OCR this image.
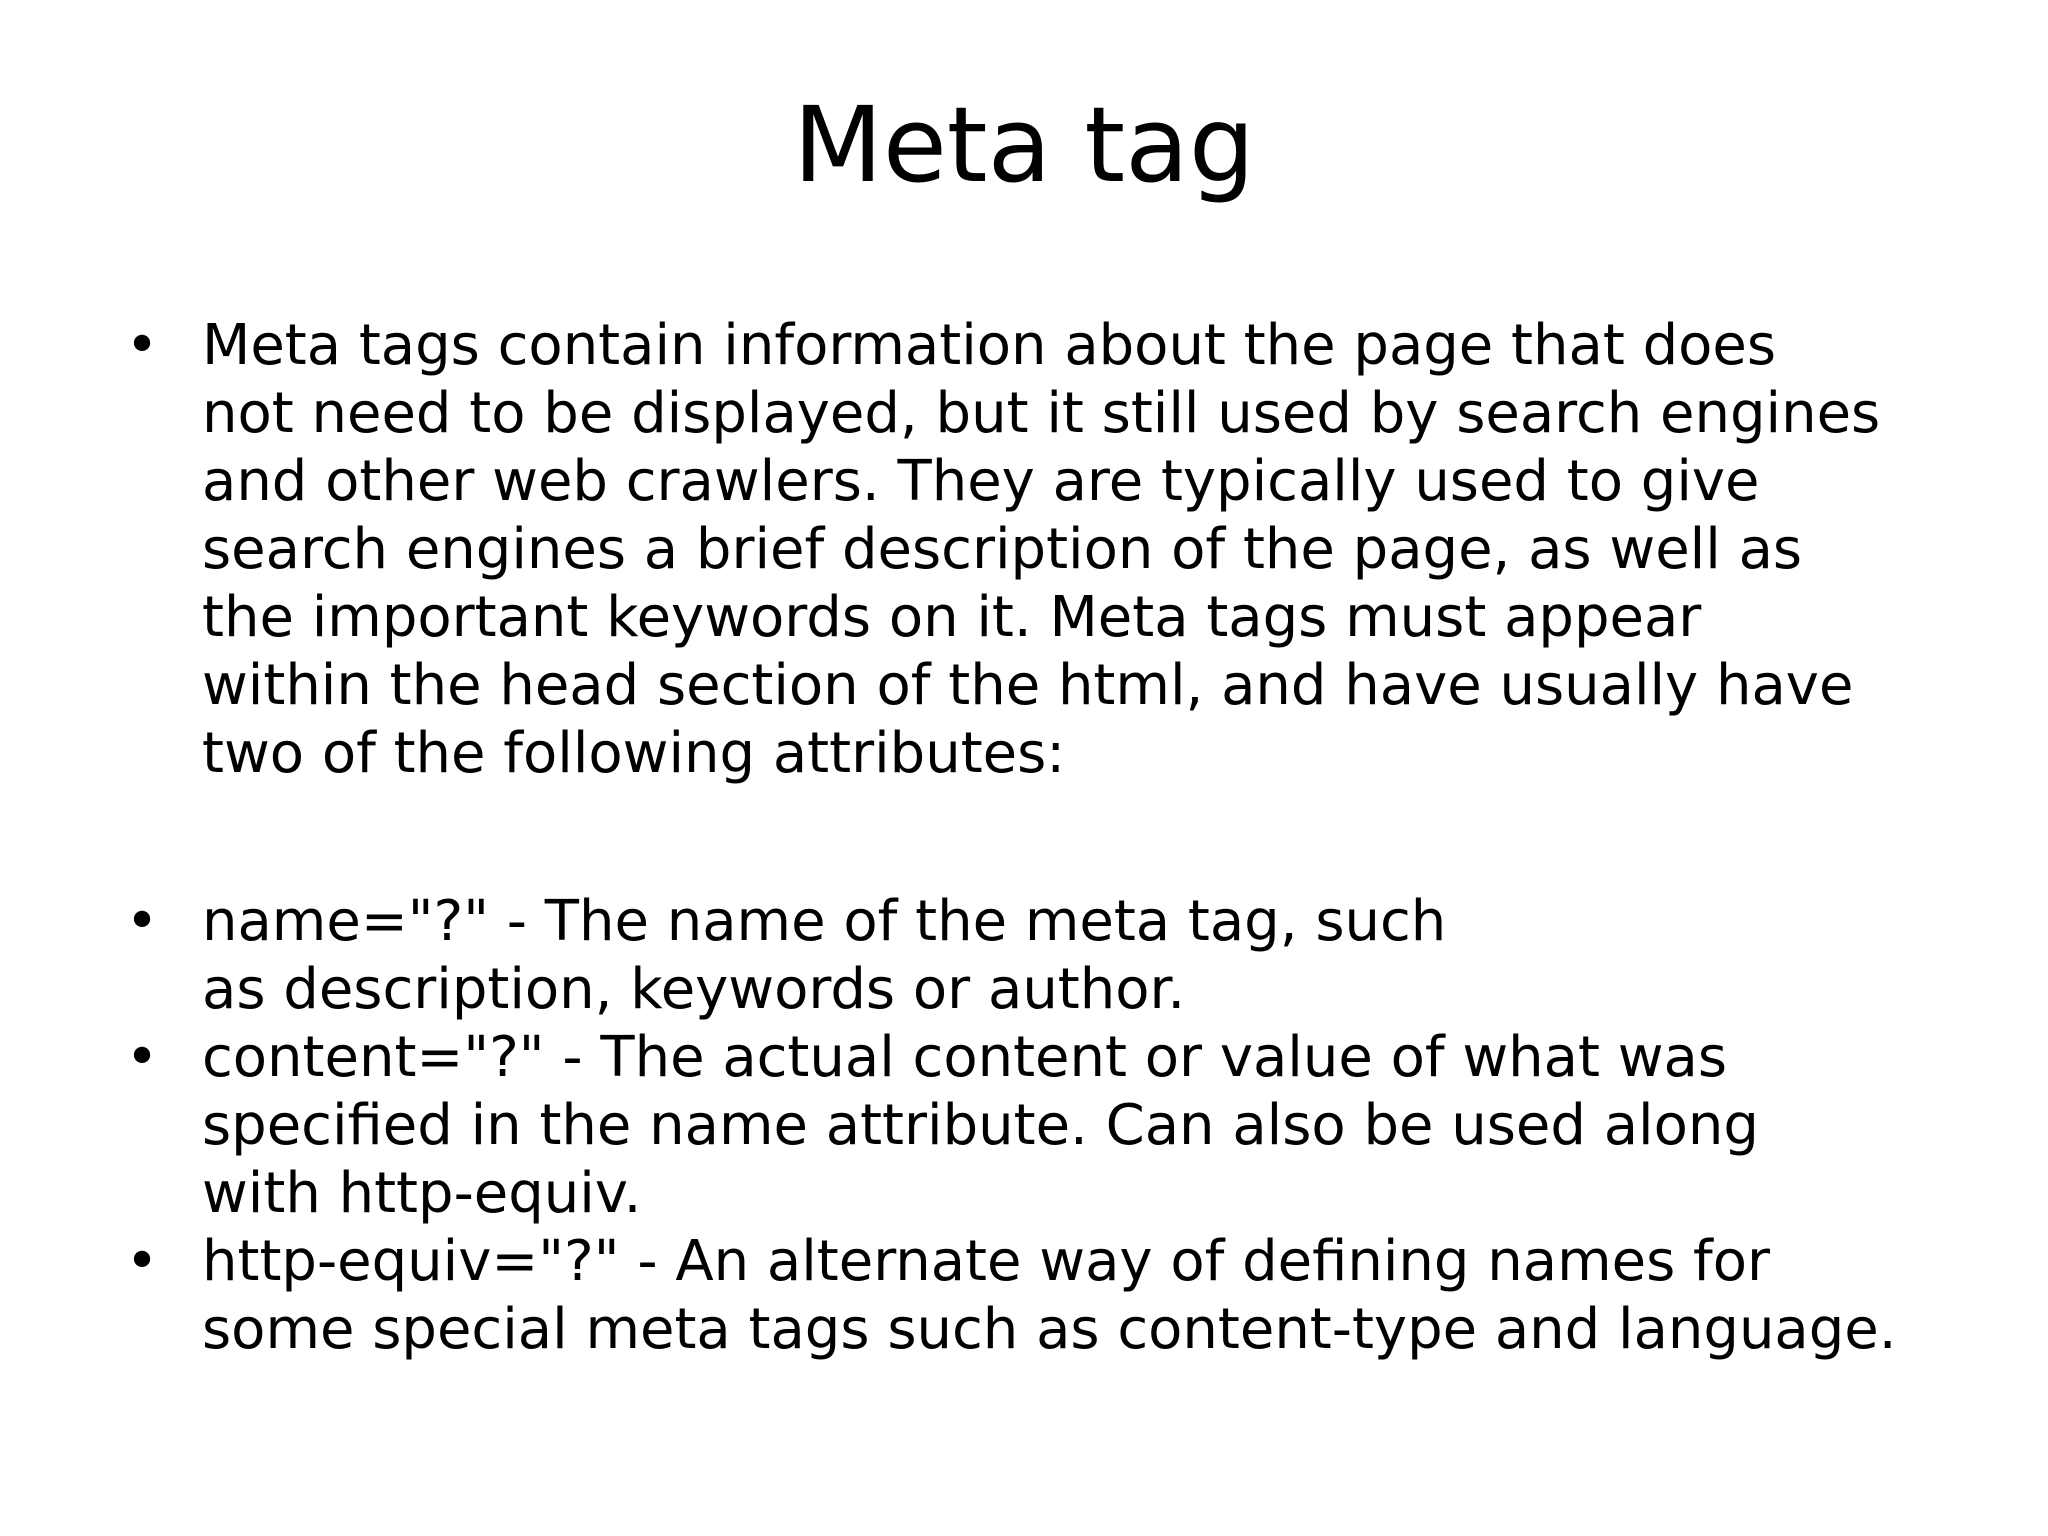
Meta tag
• Meta tags contain information about the page that does
not need to be displayed, but it still used by search engines
and other web crawlers. They are typically used to give
search engines a brief description of the page, as well as
the important keywords on it. Meta tags must appear
within the head section of the html, and have usually have
two of the following attributes:
• name="?" - The name of the meta tag, such
as description, keywords or author.
• content="?" - The actual content or value of what was
specified in the name attribute. Can also be used along
with http-equiv.
• http-equiv="?" - An alternate way of defining names for
some special meta tags such as content-type and language.
